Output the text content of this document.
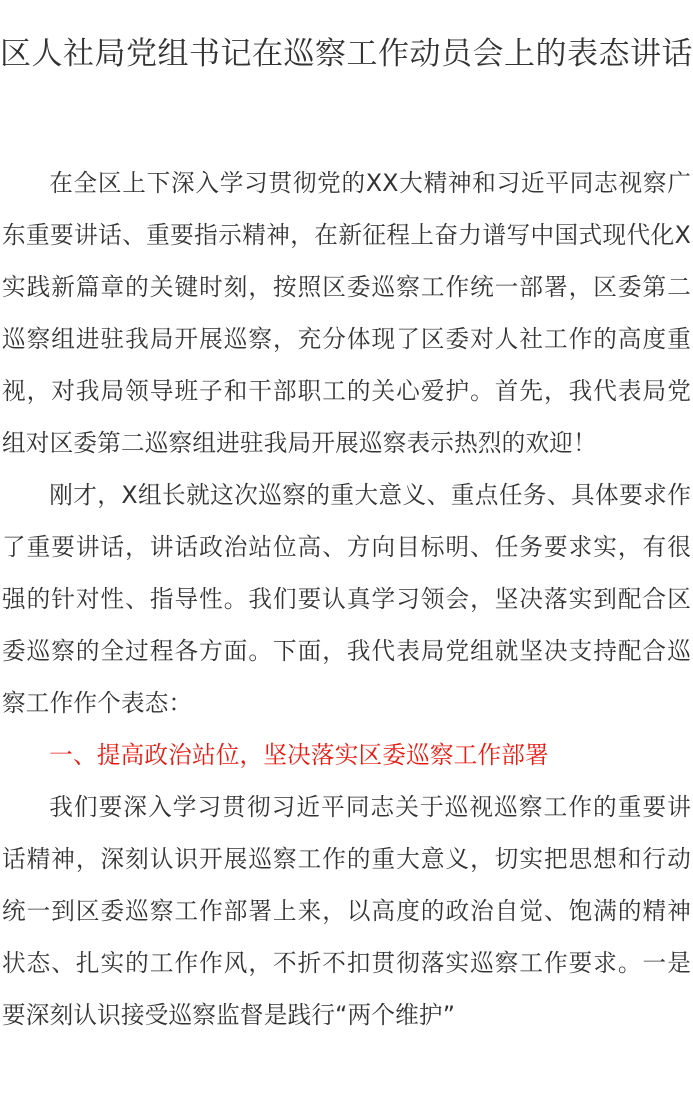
区人社局党组书记在巡察工作动员会上的表态讲话

在全区上下深入学习贯彻党的XX大精神和习近平同志视察广东重要讲话、重要指示精神，在新征程上奋力谱写中国式现代化X实践新篇章的关键时刻，按照区委巡察工作统一部署，区委第二巡察组进驻我局开展巡察，充分体现了区委对人社工作的高度重视，对我局领导班子和干部职工的关心爱护。首先，我代表局党组对区委第二巡察组进驻我局开展巡察表示热烈的欢迎！

刚才，X组长就这次巡察的重大意义、重点任务、具体要求作了重要讲话，讲话政治站位高、方向目标明、任务要求实，有很强的针对性、指导性。我们要认真学习领会，坚决落实到配合区委巡察的全过程各方面。下面，我代表局党组就坚决支持配合巡察工作作个表态：

一、提高政治站位，坚决落实区委巡察工作部署

我们要深入学习贯彻习近平同志关于巡视巡察工作的重要讲话精神，深刻认识开展巡察工作的重大意义，切实把思想和行动统一到区委巡察工作部署上来，以高度的政治自觉、饱满的精神状态、扎实的工作作风，不折不扣贯彻落实巡察工作要求。一是要深刻认识接受巡察监督是践行“两个维护”
